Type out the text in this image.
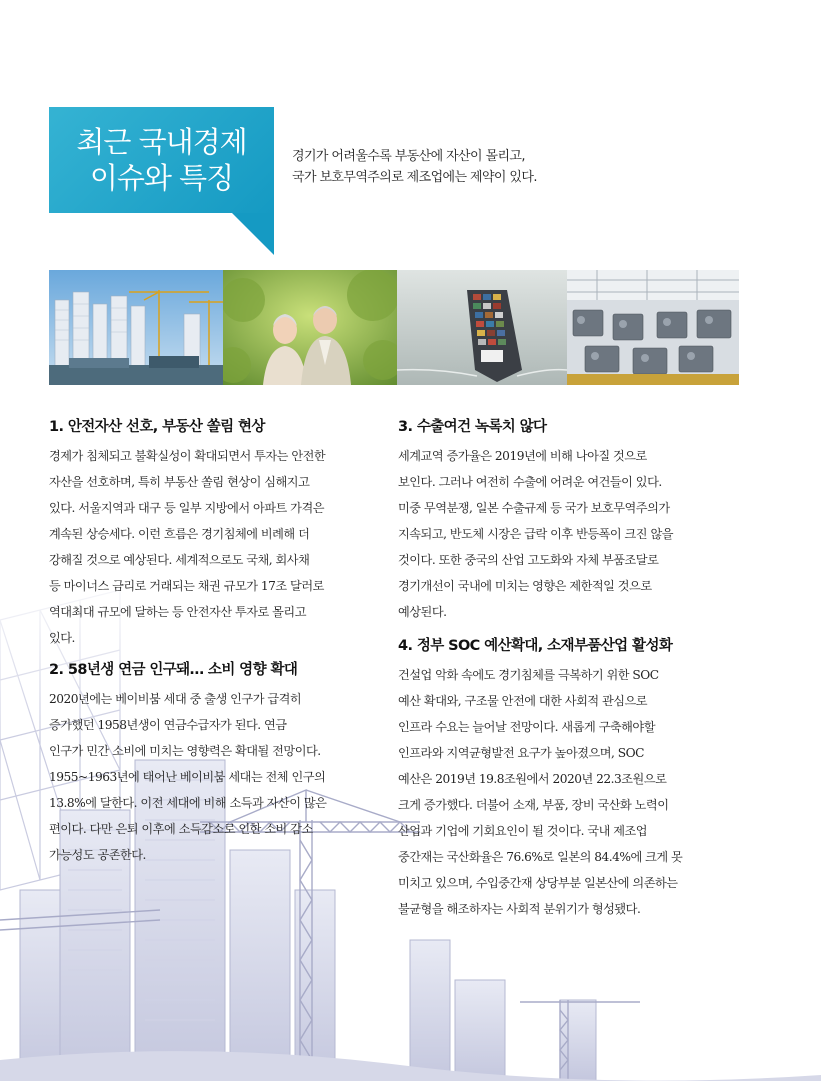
최근 국내경제
이슈와 특징
경기가 어려울수록 부동산에 자산이 몰리고,
국가 보호무역주의로 제조업에는 제약이 있다.
1. 안전자산 선호, 부동산 쏠림 현상
경제가 침체되고 불확실성이 확대되면서 투자는 안전한
자산을 선호하며, 특히 부동산 쏠림 현상이 심해지고
있다. 서울지역과 대구 등 일부 지방에서 아파트 가격은
계속된 상승세다. 이런 흐름은 경기침체에 비례해 더
강해질 것으로 예상된다. 세계적으로도 국채, 회사채
등 마이너스 금리로 거래되는 채권 규모가 17조 달러로
역대최대 규모에 달하는 등 안전자산 투자로 몰리고
있다.
2. 58년생 연금 인구돼… 소비 영향 확대
2020년에는 베이비붐 세대 중 출생 인구가 급격히
증가했던 1958년생이 연금수급자가 된다. 연금
인구가 민간 소비에 미치는 영향력은 확대될 전망이다.
1955~1963년에 태어난 베이비붐 세대는 전체 인구의
13.8%에 달한다. 이전 세대에 비해 소득과 자산이 많은
편이다. 다만 은퇴 이후에 소득감소로 인한 소비 감소
가능성도 공존한다.
3. 수출여건 녹록치 않다
세계교역 증가율은 2019년에 비해 나아질 것으로
보인다. 그러나 여전히 수출에 어려운 여건들이 있다.
미중 무역분쟁, 일본 수출규제 등 국가 보호무역주의가
지속되고, 반도체 시장은 급락 이후 반등폭이 크진 않을
것이다. 또한 중국의 산업 고도화와 자체 부품조달로
경기개선이 국내에 미치는 영향은 제한적일 것으로
예상된다.
4. 정부 SOC 예산확대, 소재부품산업 활성화
건설업 악화 속에도 경기침체를 극복하기 위한 SOC
예산 확대와, 구조물 안전에 대한 사회적 관심으로
인프라 수요는 늘어날 전망이다. 새롭게 구축해야할
인프라와 지역균형발전 요구가 높아졌으며, SOC
예산은 2019년 19.8조원에서 2020년 22.3조원으로
크게 증가했다. 더불어 소재, 부품, 장비 국산화 노력이
산업과 기업에 기회요인이 될 것이다. 국내 제조업
중간재는 국산화율은 76.6%로 일본의 84.4%에 크게 못
미치고 있으며, 수입중간재 상당부분 일본산에 의존하는
불균형을 해조하자는 사회적 분위기가 형성됐다.
